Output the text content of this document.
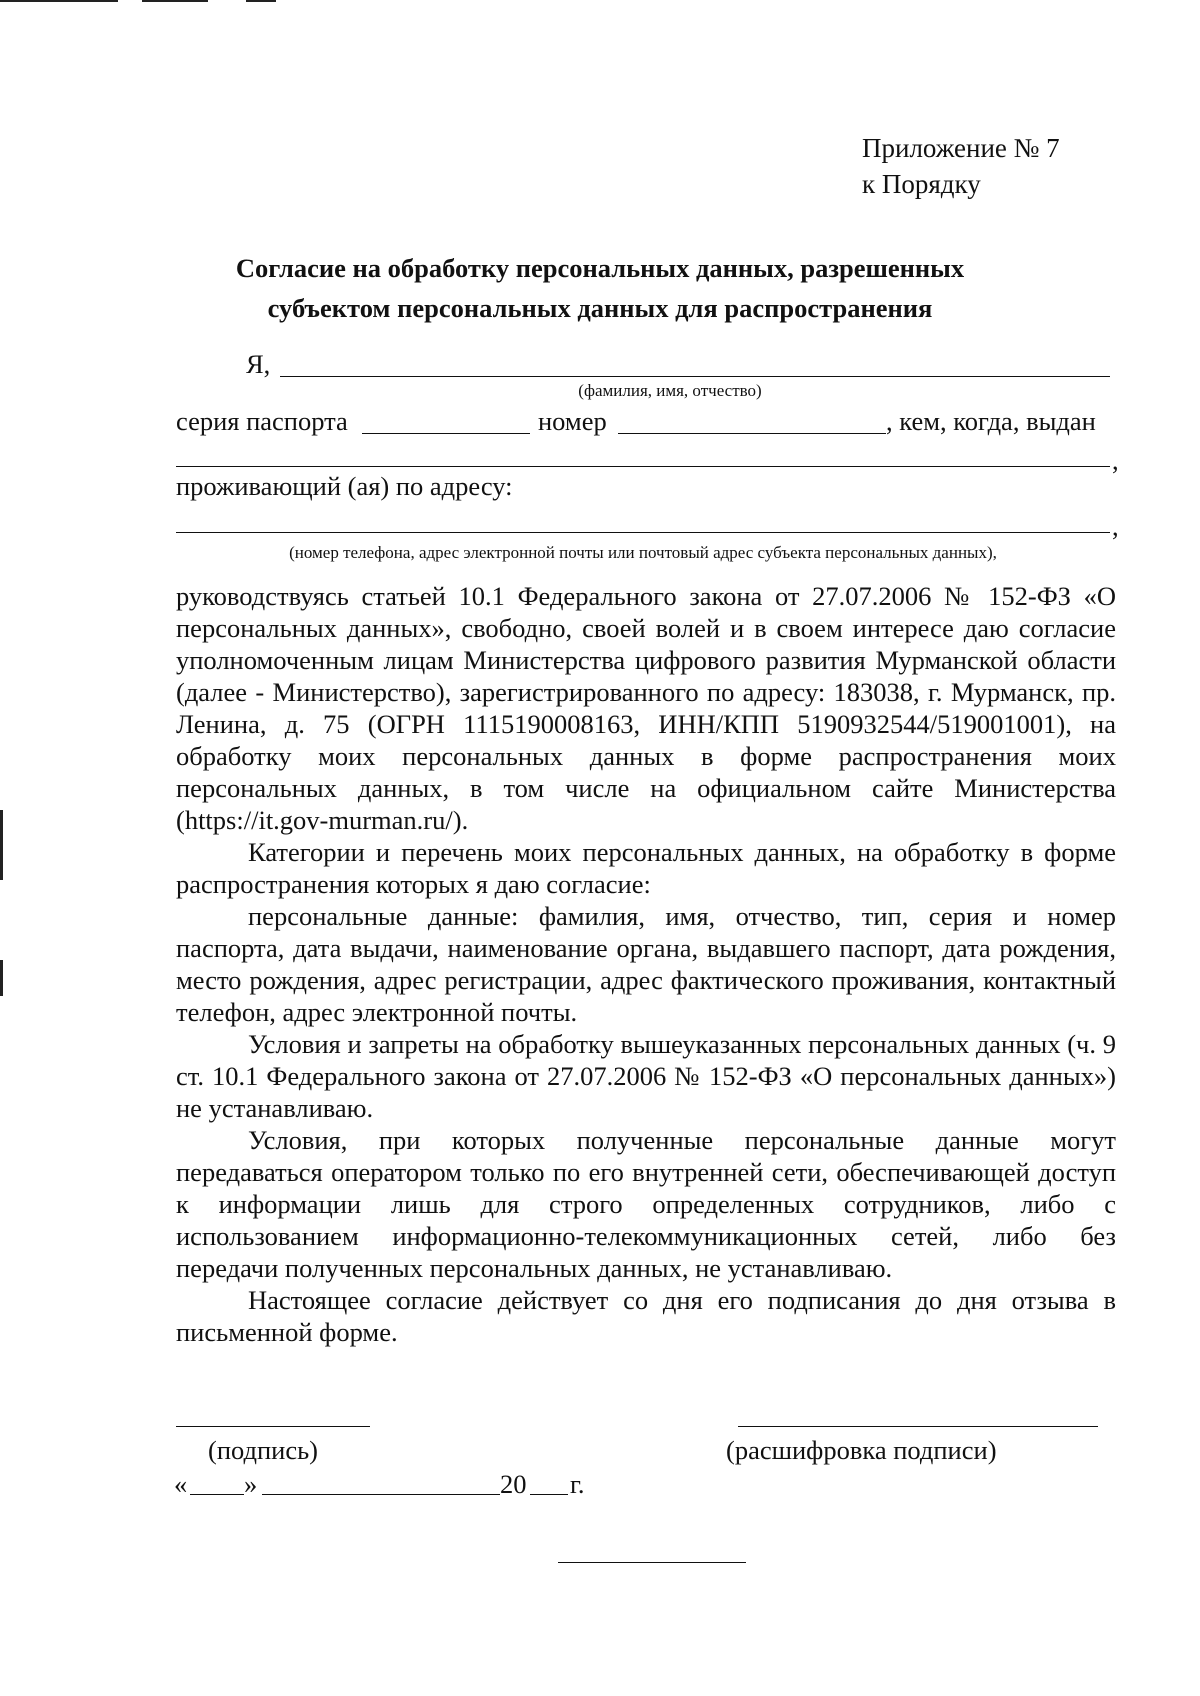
Приложение № 7
к Порядку
Согласие на обработку персональных данных, разрешенных
субъектом персональных данных для распространения
Я,
(фамилия, имя, отчество)
серия паспорта	номер	, кем, когда, выдан
,
проживающий (ая) по адресу:
,
(номер телефона, адрес электронной почты или почтовый адрес субъекта персональных данных),

руководствуясь статьей 10.1 Федерального закона от 27.07.2006 № 152-ФЗ «О персональных данных», свободно, своей волей и в своем интересе даю согласие уполномоченным лицам Министерства цифрового развития Мурманской области (далее - Министерство), зарегистрированного по адресу: 183038, г. Мурманск, пр. Ленина, д. 75 (ОГРН 1115190008163, ИНН/КПП 5190932544/519001001), на обработку моих персональных данных в форме распространения моих персональных данных, в том числе на официальном сайте Министерства (https://it.gov-murman.ru/).

Категории и перечень моих персональных данных, на обработку в форме распространения которых я даю согласие:

персональные данные: фамилия, имя, отчество, тип, серия и номер паспорта, дата выдачи, наименование органа, выдавшего паспорт, дата рождения, место рождения, адрес регистрации, адрес фактического проживания, контактный телефон, адрес электронной почты.

Условия и запреты на обработку вышеуказанных персональных данных (ч. 9 ст. 10.1 Федерального закона от 27.07.2006 № 152-ФЗ «О персональных данных») не устанавливаю.

Условия, при которых полученные персональные данные могут передаваться оператором только по его внутренней сети, обеспечивающей доступ к информации лишь для строго определенных сотрудников, либо с использованием информационно-телекоммуникационных сетей, либо без передачи полученных персональных данных, не устанавливаю.

Настоящее согласие действует со дня его подписания до дня отзыва в письменной форме.

(подпись)	(расшифровка подписи)
« »	20 г.
